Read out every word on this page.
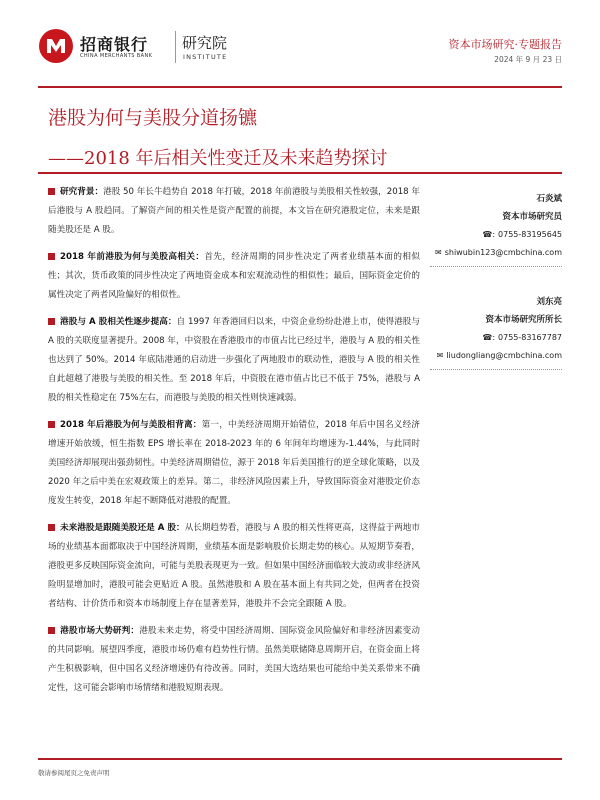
招商银行
CHINA MERCHANTS BANK
研究院
INSTITUTE
资本市场研究·专题报告
2024 年 9 月 23 日
港股为何与美股分道扬镳
——2018 年后相关性变迁及未来趋势探讨

研究背景：港股 50 年长牛趋势自 2018 年打破，2018 年前港股与美股相关性较强，2018 年后港股与 A 股趋同。了解资产间的相关性是资产配置的前提，本文旨在研究港股定位，未来是跟随美股还是 A 股。

2018 年前港股为何与美股高相关：首先，经济周期的同步性决定了两者业绩基本面的相似性；其次，货币政策的同步性决定了两地资金成本和宏观流动性的相似性；最后，国际资金定价的属性决定了两者风险偏好的相似性。

港股与 A 股相关性逐步提高：自 1997 年香港回归以来，中资企业纷纷赴港上市，使得港股与 A 股的关联度显著提升。2008 年，中资股在香港股市的市值占比已经过半，港股与 A 股的相关性也达到了 50%。2014 年底陆港通的启动进一步强化了两地股市的联动性，港股与 A 股的相关性自此超越了港股与美股的相关性。至 2018 年后，中资股在港市值占比已不低于 75%，港股与 A 股的相关性稳定在 75%左右，而港股与美股的相关性则快速减弱。

2018 年后港股为何与美股相背离：第一，中美经济周期开始错位，2018 年后中国名义经济增速开始放缓，恒生指数 EPS 增长率在 2018-2023 年的 6 年间年均增速为-1.44%，与此同时美国经济却展现出强劲韧性。中美经济周期错位，源于 2018 年后美国推行的逆全球化策略，以及 2020 年之后中美在宏观政策上的差异。第二，非经济风险因素上升，导致国际资金对港股定价态度发生转变，2018 年起不断降低对港股的配置。

未来港股是跟随美股还是 A 股：从长期趋势看，港股与 A 股的相关性将更高，这得益于两地市场的业绩基本面都取决于中国经济周期，业绩基本面是影响股价长期走势的核心。从短期节奏看，港股更多反映国际资金流向，可能与美股表现更为一致。但如果中国经济面临较大波动或非经济风险明显增加时，港股可能会更贴近 A 股。虽然港股和 A 股在基本面上有共同之处，但两者在投资者结构、计价货币和资本市场制度上存在显著差异，港股并不会完全跟随 A 股。

港股市场大势研判：港股未来走势，将受中国经济周期、国际资金风险偏好和非经济因素变动的共同影响。展望四季度，港股市场仍难有趋势性行情。虽然美联储降息周期开启，在资金面上将产生积极影响，但中国名义经济增速仍有待改善。同时，美国大选结果也可能给中美关系带来不确定性，这可能会影响市场情绪和港股短期表现。

石炎斌
资本市场研究员
☎: 0755-83195645
✉ shiwubin123@cmbchina.com
刘东亮
资本市场研究所所长
☎: 0755-83167787
✉ liudongliang@cmbchina.com
敬请参阅尾页之免责声明
